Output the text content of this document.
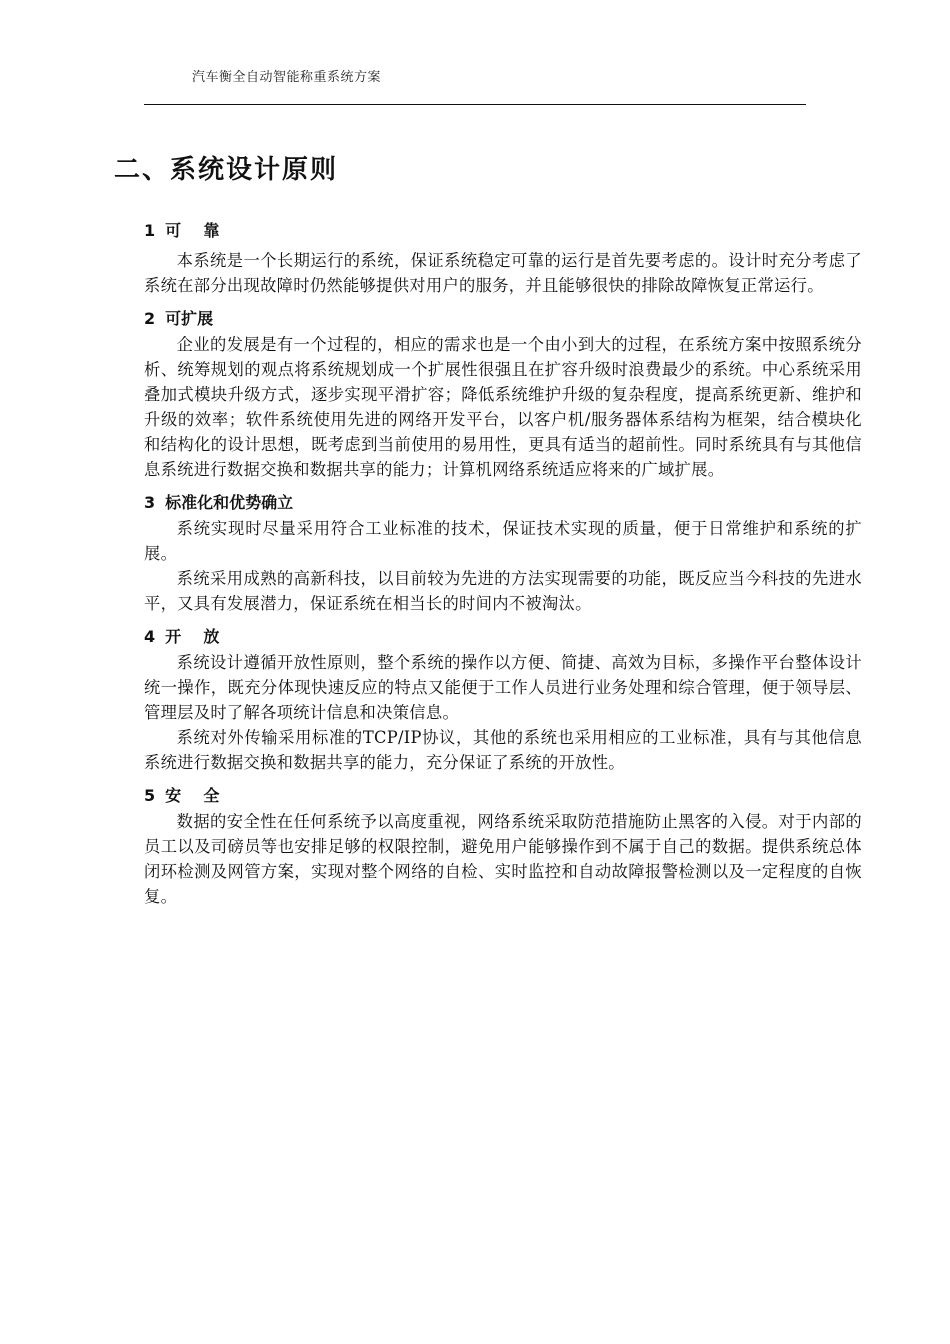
汽车衡全自动智能称重系统方案
二、系统设计原则
1 可    靠

本系统是一个长期运行的系统，保证系统稳定可靠的运行是首先要考虑的。设计时充分考虑了系统在部分出现故障时仍然能够提供对用户的服务，并且能够很快的排除故障恢复正常运行。

2 可扩展

企业的发展是有一个过程的，相应的需求也是一个由小到大的过程，在系统方案中按照系统分析、统筹规划的观点将系统规划成一个扩展性很强且在扩容升级时浪费最少的系统。中心系统采用叠加式模块升级方式，逐步实现平滑扩容；降低系统维护升级的复杂程度，提高系统更新、维护和升级的效率；软件系统使用先进的网络开发平台，以客户机/服务器体系结构为框架，结合模块化和结构化的设计思想，既考虑到当前使用的易用性，更具有适当的超前性。同时系统具有与其他信息系统进行数据交换和数据共享的能力；计算机网络系统适应将来的广域扩展。

3 标准化和优势确立

系统实现时尽量采用符合工业标准的技术，保证技术实现的质量，便于日常维护和系统的扩展。

系统采用成熟的高新科技，以目前较为先进的方法实现需要的功能，既反应当今科技的先进水平，又具有发展潜力，保证系统在相当长的时间内不被淘汰。

4 开    放

系统设计遵循开放性原则，整个系统的操作以方便、简捷、高效为目标，多操作平台整体设计统一操作，既充分体现快速反应的特点又能便于工作人员进行业务处理和综合管理，便于领导层、管理层及时了解各项统计信息和决策信息。

系统对外传输采用标准的TCP/IP协议，其他的系统也采用相应的工业标准，具有与其他信息系统进行数据交换和数据共享的能力，充分保证了系统的开放性。

5 安    全

数据的安全性在任何系统予以高度重视，网络系统采取防范措施防止黑客的入侵。对于内部的员工以及司磅员等也安排足够的权限控制，避免用户能够操作到不属于自己的数据。提供系统总体闭环检测及网管方案，实现对整个网络的自检、实时监控和自动故障报警检测以及一定程度的自恢复。
